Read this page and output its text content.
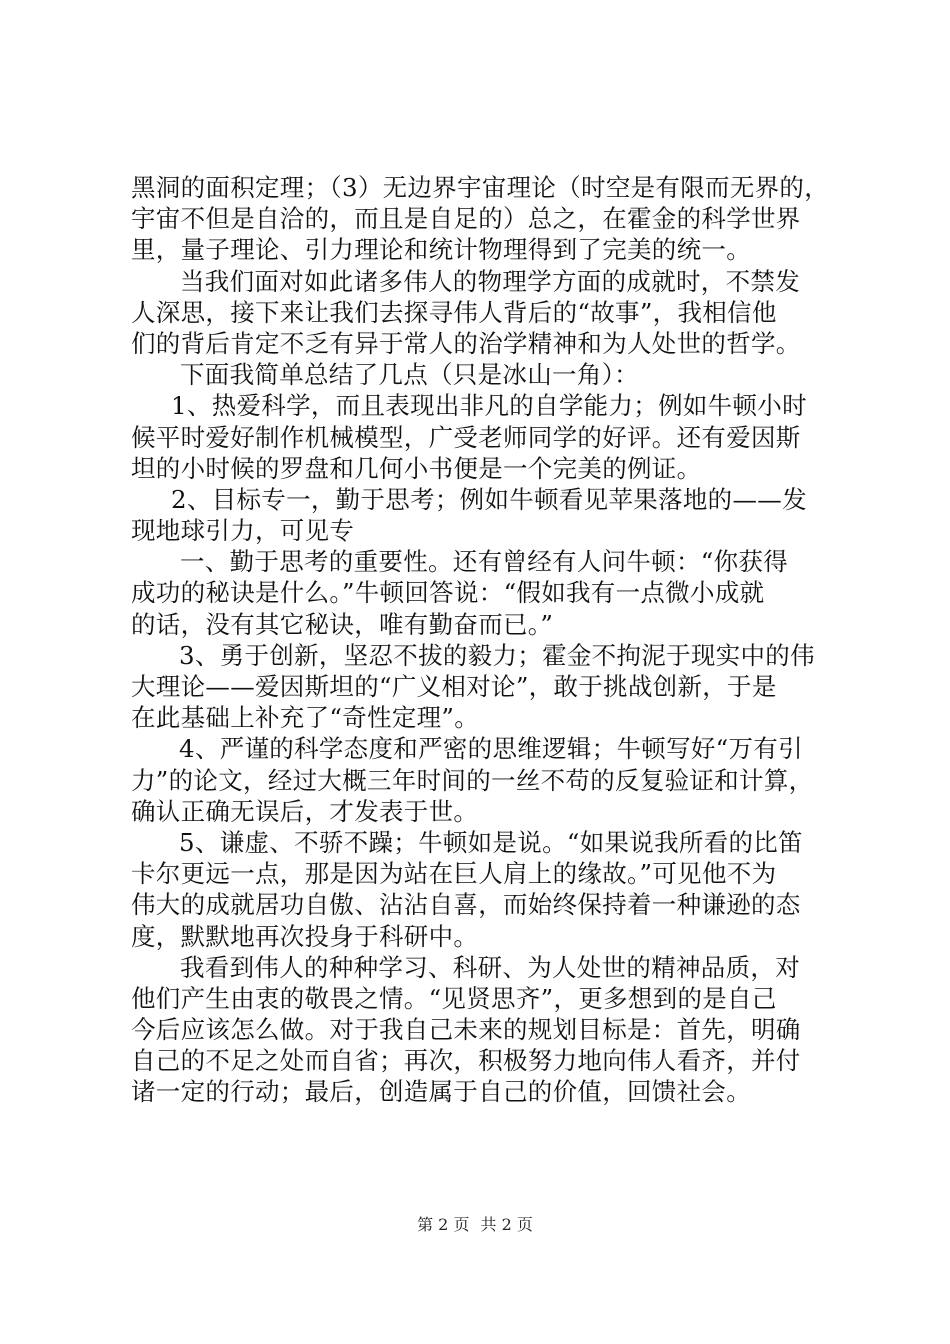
黑洞的面积定理；（3）无边界宇宙理论（时空是有限而无界的，
宇宙不但是自洽的，而且是自足的）总之，在霍金的科学世界
里，量子理论、引力理论和统计物理得到了完美的统一。
当我们面对如此诸多伟人的物理学方面的成就时，不禁发
人深思，接下来让我们去探寻伟人背后的“故事”，我相信他
们的背后肯定不乏有异于常人的治学精神和为人处世的哲学。
下面我简单总结了几点（只是冰山一角）：
1、热爱科学，而且表现出非凡的自学能力；例如牛顿小时
候平时爱好制作机械模型，广受老师同学的好评。还有爱因斯
坦的小时候的罗盘和几何小书便是一个完美的例证。
2、目标专一，勤于思考；例如牛顿看见苹果落地的——发
现地球引力，可见专
一、勤于思考的重要性。还有曾经有人问牛顿：“你获得
成功的秘诀是什么。”牛顿回答说：“假如我有一点微小成就
的话，没有其它秘诀，唯有勤奋而已。”
3、勇于创新，坚忍不拔的毅力；霍金不拘泥于现实中的伟
大理论——爱因斯坦的“广义相对论”，敢于挑战创新，于是
在此基础上补充了“奇性定理”。
4、严谨的科学态度和严密的思维逻辑；牛顿写好“万有引
力”的论文，经过大概三年时间的一丝不苟的反复验证和计算，
确认正确无误后，才发表于世。
5、谦虚、不骄不躁；牛顿如是说。“如果说我所看的比笛
卡尔更远一点，那是因为站在巨人肩上的缘故。”可见他不为
伟大的成就居功自傲、沾沾自喜，而始终保持着一种谦逊的态
度，默默地再次投身于科研中。
我看到伟人的种种学习、科研、为人处世的精神品质，对
他们产生由衷的敬畏之情。“见贤思齐”，更多想到的是自己
今后应该怎么做。对于我自己未来的规划目标是：首先，明确
自己的不足之处而自省；再次，积极努力地向伟人看齐，并付
诸一定的行动；最后，创造属于自己的价值，回馈社会。
第 2 页 共 2 页
